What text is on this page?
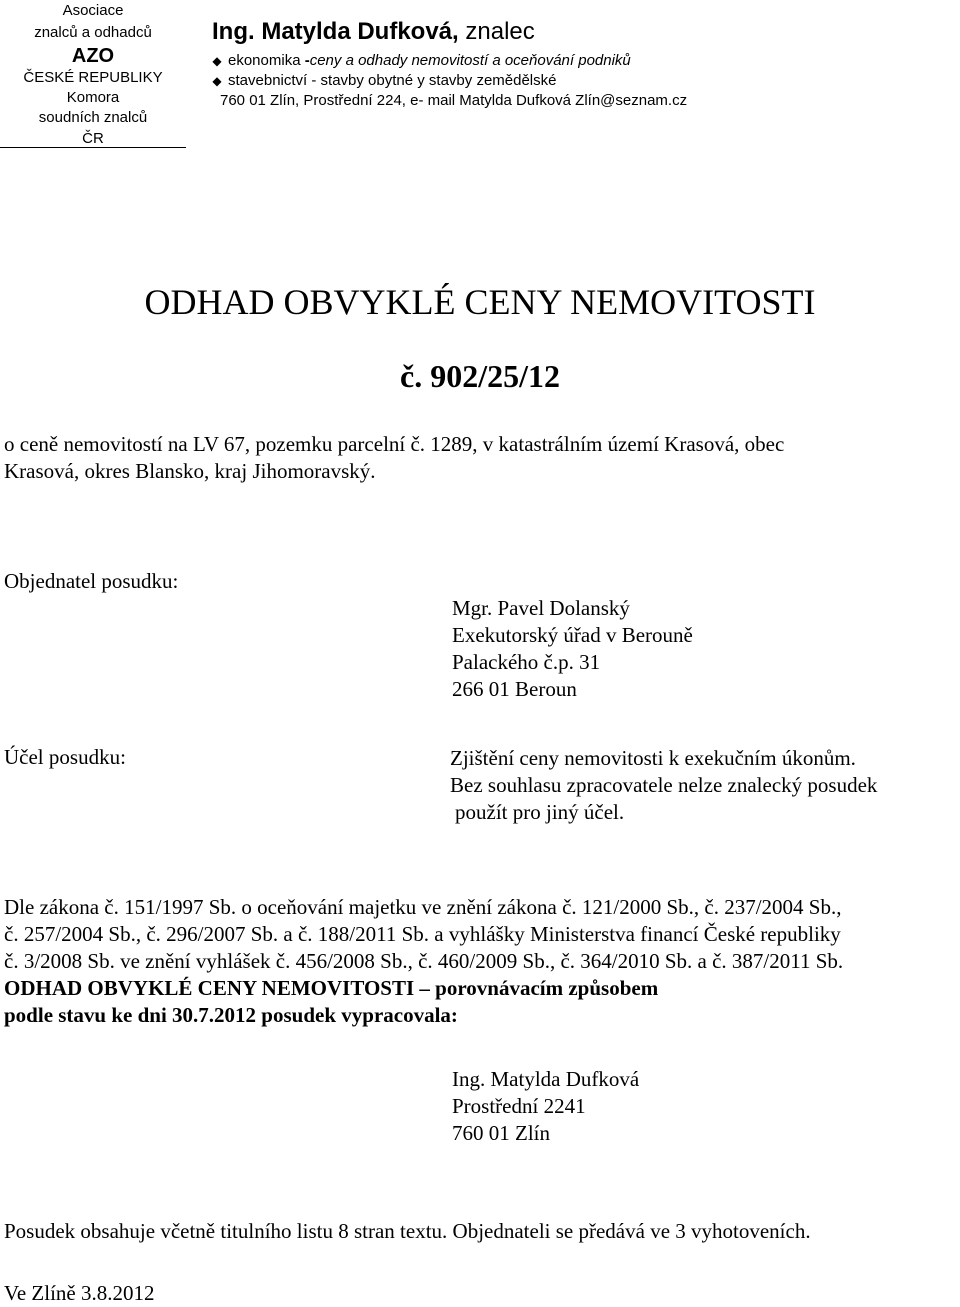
Asociace
znalců a odhadců
AZO
ČESKÉ REPUBLIKY
Komora
soudních znalců
ČR
Ing. Matylda Dufková, znalec
◆ ekonomika -ceny a odhady nemovitostí a oceňování podniků
◆ stavebnictví - stavby obytné y stavby zemědělské
760 01 Zlín, Prostřední 224, e- mail Matylda Dufková Zlín@seznam.cz
ODHAD OBVYKLÉ CENY NEMOVITOSTI
č. 902/25/12
o ceně nemovitostí na LV 67, pozemku parcelní č. 1289, v katastrálním území Krasová, obec
Krasová, okres Blansko, kraj Jihomoravský.
Objednatel posudku:
Mgr. Pavel Dolanský
Exekutorský úřad v Berouně
Palackého č.p. 31
266 01 Beroun
Účel posudku:	Zjištění ceny nemovitosti k exekučním úkonům.
Bez souhlasu zpracovatele nelze znalecký posudek
použít pro jiný účel.
Dle zákona č. 151/1997 Sb. o oceňování majetku ve znění zákona č. 121/2000 Sb., č. 237/2004 Sb.,
č. 257/2004 Sb., č. 296/2007 Sb. a č. 188/2011 Sb. a vyhlášky Ministerstva financí České republiky
č. 3/2008 Sb. ve znění vyhlášek č. 456/2008 Sb., č. 460/2009 Sb., č. 364/2010 Sb. a č. 387/2011 Sb.
ODHAD OBVYKLÉ CENY NEMOVITOSTI – porovnávacím způsobem
podle stavu ke dni 30.7.2012 posudek vypracovala:
Ing. Matylda Dufková
Prostřední 2241
760 01 Zlín
Posudek obsahuje včetně titulního listu 8 stran textu. Objednateli se předává ve 3 vyhotoveních.
Ve Zlíně 3.8.2012
